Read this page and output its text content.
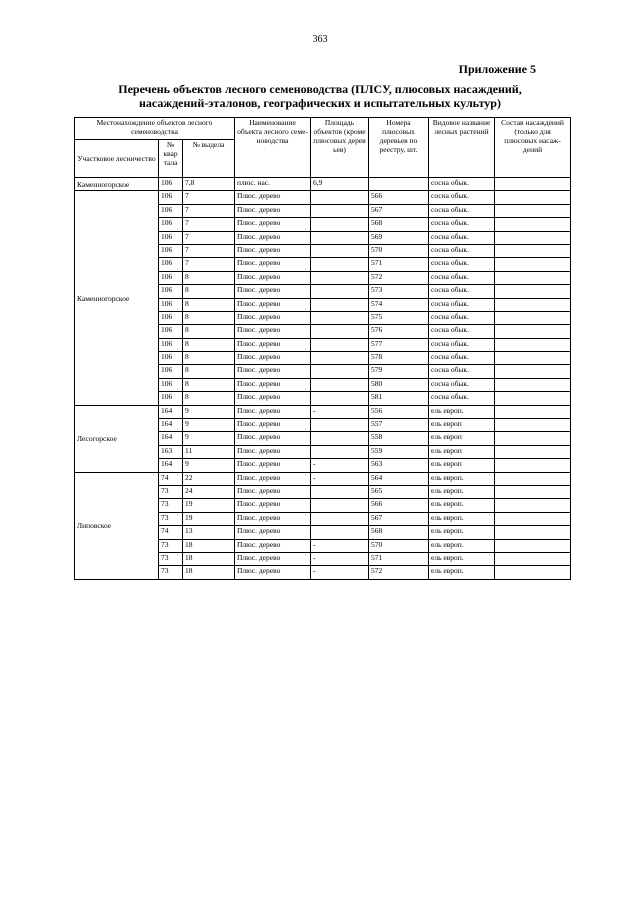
363
Приложение 5
Перечень объектов лесного семеноводства (ПЛСУ, плюсовых насаждений,
насаждений-эталонов, географических и испытательных культур)
Местонахождение объектов лесного семеноводства			Наименование объекта лесного семе- новодства	Площадь объектов (кроме плюсовых дерев ьев)	Номера плюсовых деревьев по реестру, шт.	Видовое название лесных растений	Состав насаждений (только для плюсовых насаж- дений
Участковое лесничество	№ квар тала	№ выдела					
Каменногорское	106	7,8	плюс. нас.	6,9		сосна обык.	
Каменногорское	106	7	Плюс. дерево		566	сосна обык.	
	106	7	Плюс. дерево		567	сосна обык.	
	106	7	Плюс. дерево		568	сосна обык.	
	106	7	Плюс. дерево		569	сосна обык.	
	106	7	Плюс. дерево		570	сосна обык.	
	106	7	Плюс. дерево		571	сосна обык.	
	106	8	Плюс. дерево		572	сосна обык.	
	106	8	Плюс. дерево		573	сосна обык.	
	106	8	Плюс. дерево		574	сосна обык.	
	106	8	Плюс. дерево		575	сосна обык.	
	106	8	Плюс. дерево		576	сосна обык.	
	106	8	Плюс. дерево		577	сосна обык.	
	106	8	Плюс. дерево		578	сосна обык.	
	106	8	Плюс. дерево		579	сосна обык.	
	106	8	Плюс. дерево		580	сосна обык.	
	106	8	Плюс. дерево		581	сосна обык.	
Лесогорское	164	9	Плюс. дерево	-	556	ель европ.	
	164	9	Плюс. дерево		557	ель европ	
	164	9	Плюс. дерево		558	ель европ	
	163	11	Плюс. дерево		559	ель европ	
	164	9	Плюс. дерево	-	563	ель европ	
Липовское	74	22	Плюс. дерево	-	564	ель европ.	
	73	24	Плюс. дерево		565	ель европ.	
	73	19	Плюс. дерево		566	ель европ.	
	73	19	Плюс. дерево		567	ель европ.	
	74	13	Плюс. дерево		568	ель европ.	
	73	18	Плюс. дерево	-	570	ель европ.	
	73	18	Плюс. дерево	-	571	ель европ.	
	73	18	Плюс. дерево	-	572	ель европ.	
